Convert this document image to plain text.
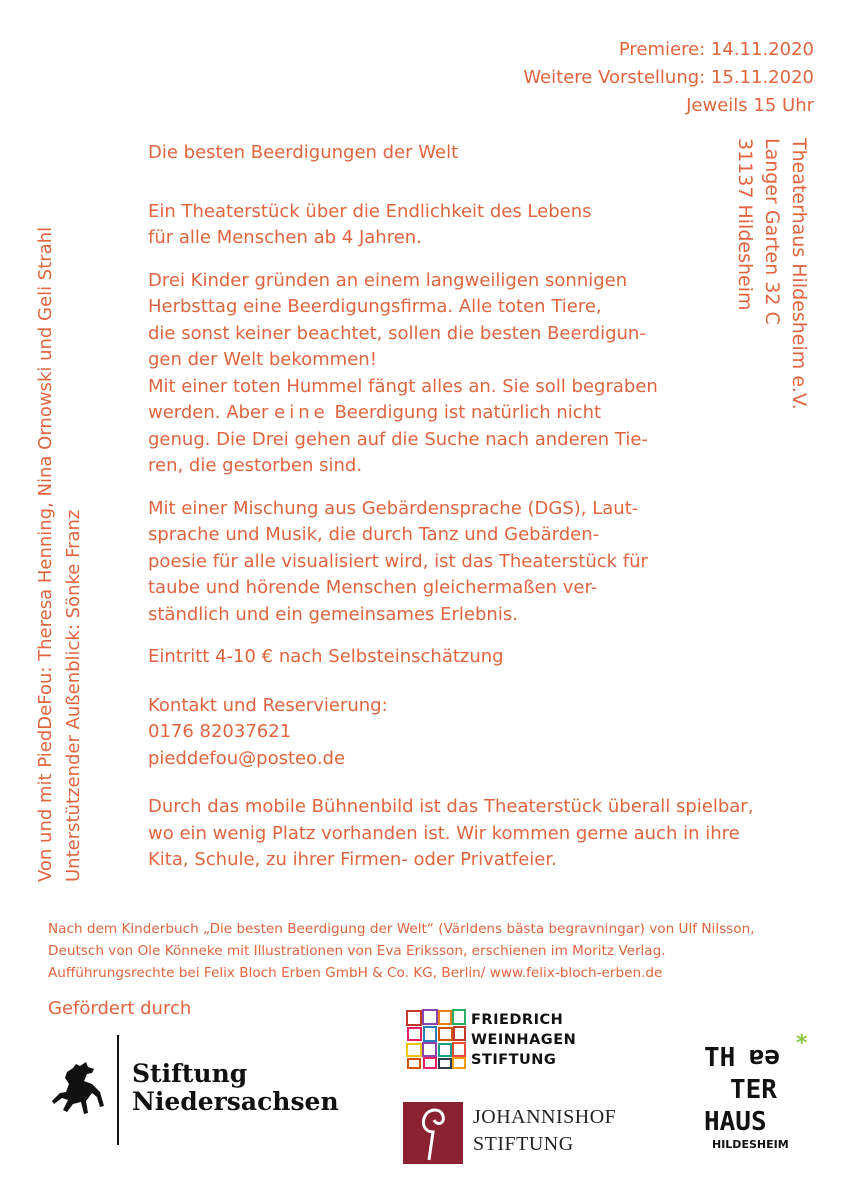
Premiere: 14.11.2020
Weitere Vorstellung: 15.11.2020
Jeweils 15 Uhr
Von und mit PiedDeFou: Theresa Henning, Nina Ornowski und Geli Strahl Unterstützender Außenblick: Sönke Franz
Theaterhaus Hildesheim e.V.
Langer Garten 32 C
31137 Hildesheim

Die besten Beerdigungen der Welt

Ein Theaterstück über die Endlichkeit des Lebens
für alle Menschen ab 4 Jahren.

Drei Kinder gründen an einem langweiligen sonnigen
Herbsttag eine Beerdigungsfirma. Alle toten Tiere,
die sonst keiner beachtet, sollen die besten Beerdigun-
gen der Welt bekommen!
Mit einer toten Hummel fängt alles an. Sie soll begraben
werden. Aber eine Beerdigung ist natürlich nicht
genug. Die Drei gehen auf die Suche nach anderen Tie-
ren, die gestorben sind.

Mit einer Mischung aus Gebärdensprache (DGS), Laut-
sprache und Musik, die durch Tanz und Gebärden-
poesie für alle visualisiert wird, ist das Theaterstück für
taube und hörende Menschen gleichermaßen ver-
ständlich und ein gemeinsames Erlebnis.

Eintritt 4-10 € nach Selbsteinschätzung

Kontakt und Reservierung:
0176 82037621
pieddefou@posteo.de

Durch das mobile Bühnenbild ist das Theaterstück überall spielbar,
wo ein wenig Platz vorhanden ist. Wir kommen gerne auch in ihre
Kita, Schule, zu ihrer Firmen- oder Privatfeier.

Nach dem Kinderbuch „Die besten Beerdigung der Welt“ (Världens bästa begravningar) von Ulf Nilsson,

Deutsch von Ole Könneke mit Illustrationen von Eva Eriksson, erschienen im Moritz Verlag.

Aufführungsrechte bei Felix Bloch Erben GmbH & Co. KG, Berlin/ www.felix-bloch-erben.de

Gefördert durch
Stiftung
Niedersachsen
FRIEDRICH
WEINHAGEN
STIFTUNG
JOHANNISHOF
STIFTUNG
TH ea
TER
HAUS
HILDESHEIM
*
